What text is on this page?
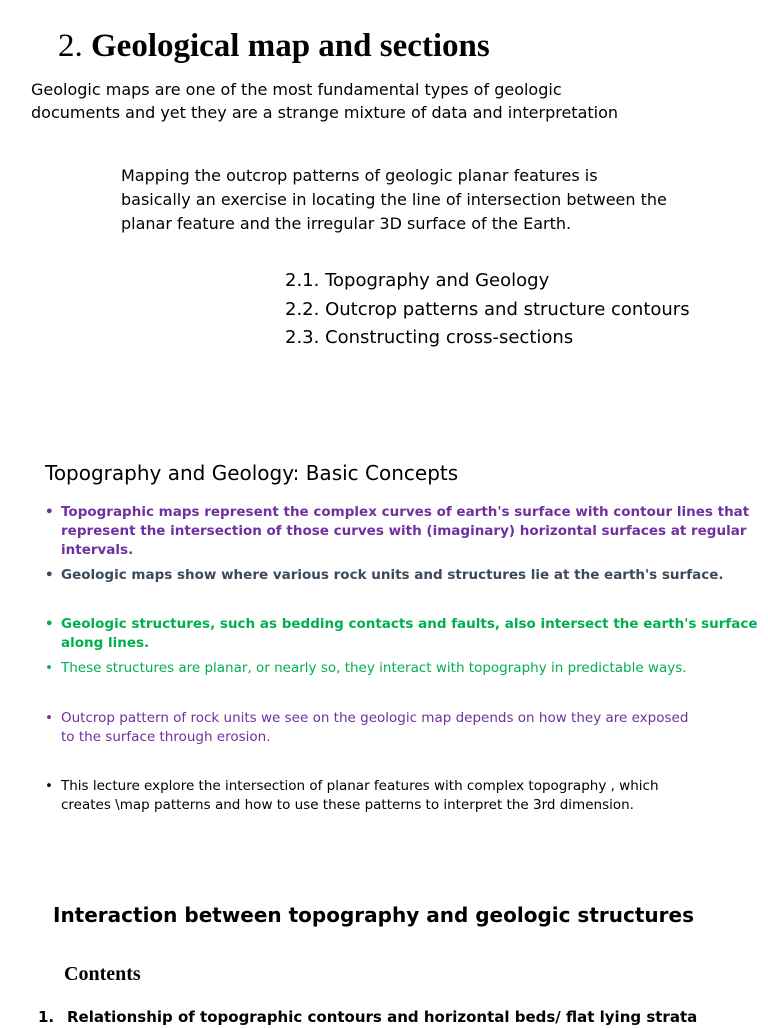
2. Geological map and sections
Geologic maps are one of the most fundamental types of geologic
documents and yet they are a strange mixture of data and interpretation
Mapping the outcrop patterns of geologic planar features is
basically an exercise in locating the line of intersection between the
planar feature and the irregular 3D surface of the Earth.
2.1. Topography and Geology
2.2. Outcrop patterns and structure contours
2.3. Constructing cross-sections
Topography and Geology: Basic Concepts
• Topographic maps represent the complex curves of earth's surface with contour lines that
represent the intersection of those curves with (imaginary) horizontal surfaces at regular
intervals.
• Geologic maps show where various rock units and structures lie at the earth's surface.
• Geologic structures, such as bedding contacts and faults, also intersect the earth's surface
along lines.
• These structures are planar, or nearly so, they interact with topography in predictable ways.
• Outcrop pattern of rock units we see on the geologic map depends on how they are exposed
to the surface through erosion.
• This lecture explore the intersection of planar features with complex topography , which
creates \map patterns and how to use these patterns to interpret the 3rd dimension.
Interaction between topography and geologic structures
Contents
1. Relationship of topographic contours and horizontal beds/ flat lying strata
